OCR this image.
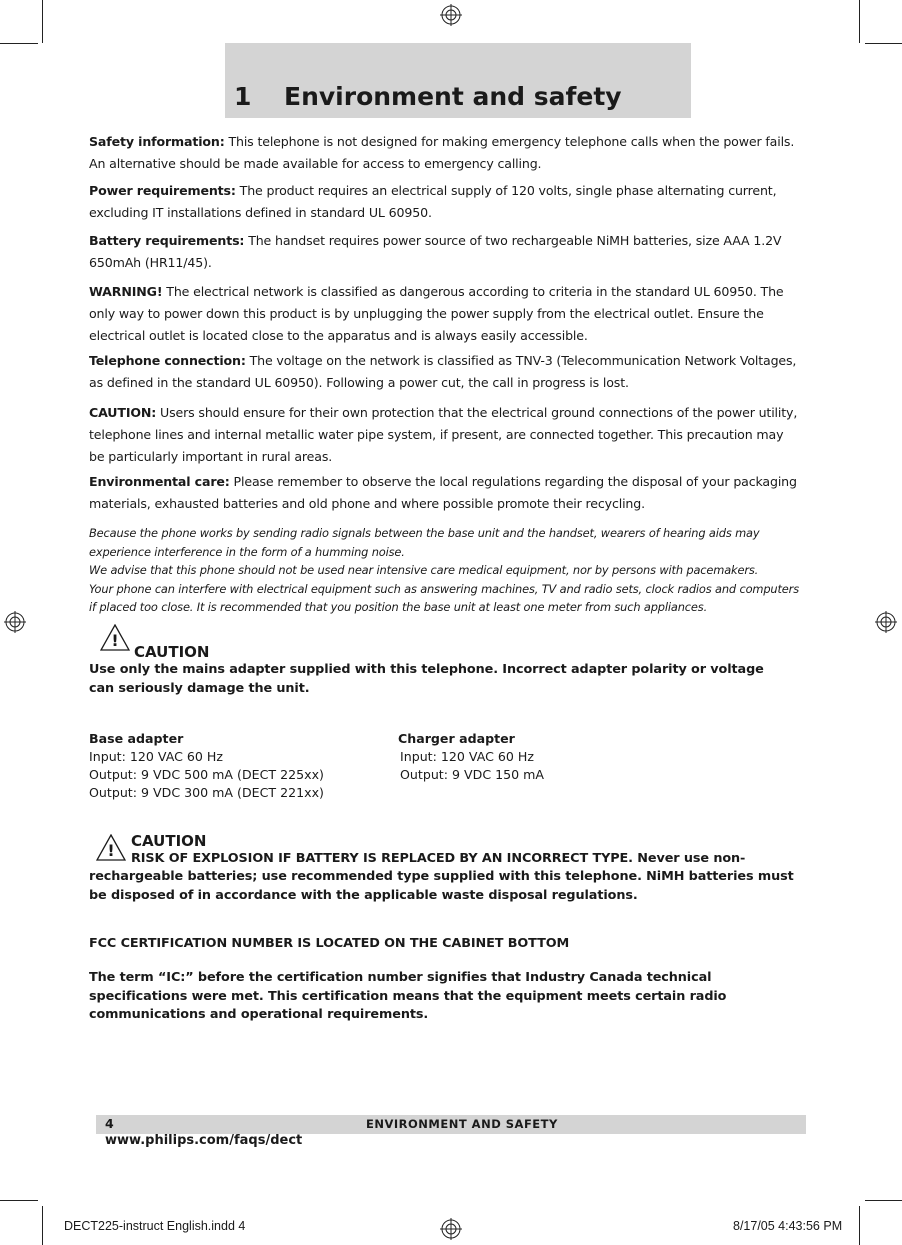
1 Environment and safety
Safety information: This telephone is not designed for making emergency telephone calls when the power fails. An alternative should be made available for access to emergency calling.
Power requirements: The product requires an electrical supply of 120 volts, single phase alternating current, excluding IT installations defined in standard UL 60950.
Battery requirements: The handset requires power source of two rechargeable NiMH batteries, size AAA 1.2V 650mAh (HR11/45).
WARNING! The electrical network is classified as dangerous according to criteria in the standard UL 60950. The only way to power down this product is by unplugging the power supply from the electrical outlet. Ensure the electrical outlet is located close to the apparatus and is always easily accessible.
Telephone connection: The voltage on the network is classified as TNV-3 (Telecommunication Network Voltages, as defined in the standard UL 60950). Following a power cut, the call in progress is lost.
CAUTION: Users should ensure for their own protection that the electrical ground connections of the power utility, telephone lines and internal metallic water pipe system, if present, are connected together. This precaution may be particularly important in rural areas.
Environmental care: Please remember to observe the local regulations regarding the disposal of your packaging materials, exhausted batteries and old phone and where possible promote their recycling.
Because the phone works by sending radio signals between the base unit and the handset, wearers of hearing aids may experience interference in the form of a humming noise.
We advise that this phone should not be used near intensive care medical equipment, nor by persons with pacemakers.
Your phone can interfere with electrical equipment such as answering machines, TV and radio sets, clock radios and computers if placed too close. It is recommended that you position the base unit at least one meter from such appliances.
!
CAUTION
Use only the mains adapter supplied with this telephone. Incorrect adapter polarity or voltage can seriously damage the unit.
Base adapter
Input: 120 VAC 60 Hz
Output: 9 VDC 500 mA (DECT 225xx)
Output: 9 VDC 300 mA (DECT 221xx)
Charger adapter
Input: 120 VAC 60 Hz
Output: 9 VDC 150 mA
! CAUTION
RISK OF EXPLOSION IF BATTERY IS REPLACED BY AN INCORRECT TYPE. Never use non-
rechargeable batteries; use recommended type supplied with this telephone. NiMH batteries must be disposed of in accordance with the applicable waste disposal regulations.
FCC CERTIFICATION NUMBER IS LOCATED ON THE CABINET BOTTOM
The term “IC:” before the certification number signifies that Industry Canada technical specifications were met. This certification means that the equipment meets certain radio communications and operational requirements.
4	ENVIRONMENT AND SAFETY
www.philips.com/faqs/dect
DECT225-instruct English.indd 4	8/17/05 4:43:56 PM
